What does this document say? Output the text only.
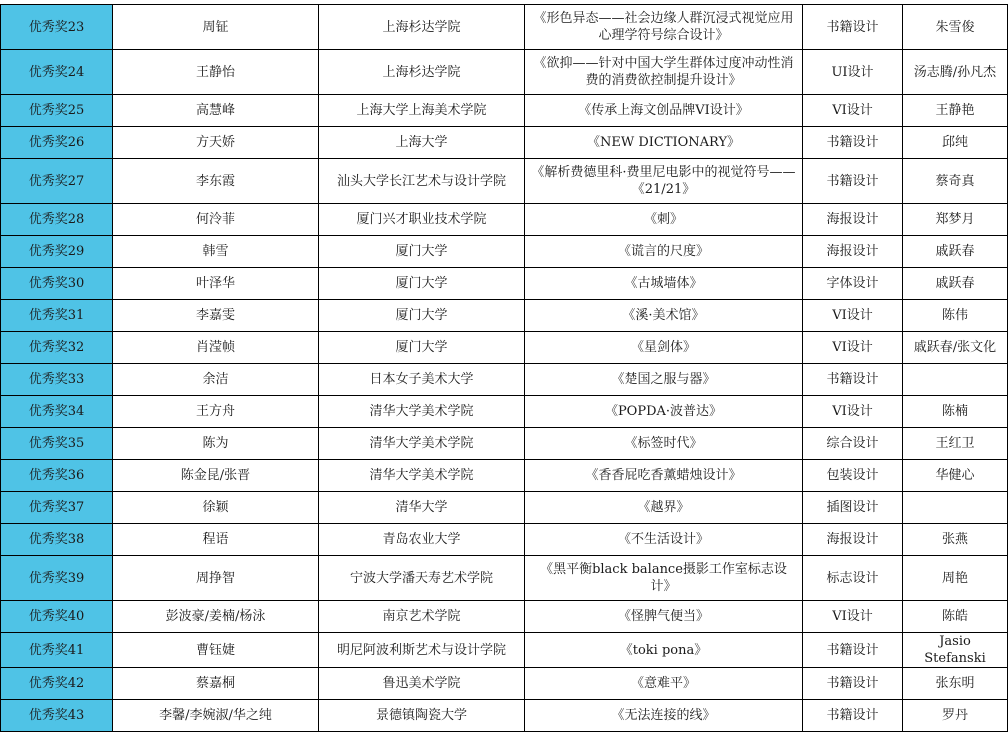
优秀奖23	周钲	上海杉达学院	《形色异态——社会边缘人群沉浸式视觉应用心理学符号综合设计》	书籍设计	朱雪俊
优秀奖24	王静怡	上海杉达学院	《欲抑——针对中国大学生群体过度冲动性消费的消费欲控制提升设计》	UI设计	汤志腾/孙凡杰
优秀奖25	高慧峰	上海大学上海美术学院	《传承上海文创品牌VI设计》	VI设计	王静艳
优秀奖26	方天娇	上海大学	《NEW DICTIONARY》	书籍设计	邱纯
优秀奖27	李东霞	汕头大学长江艺术与设计学院	《解析费德里科·费里尼电影中的视觉符号——《21/21》	书籍设计	蔡奇真
优秀奖28	何泠菲	厦门兴才职业技术学院	《刺》	海报设计	郑梦月
优秀奖29	韩雪	厦门大学	《谎言的尺度》	海报设计	戚跃春
优秀奖30	叶泽华	厦门大学	《古城墙体》	字体设计	戚跃春
优秀奖31	李嘉雯	厦门大学	《溪·美术馆》	VI设计	陈伟
优秀奖32	肖滢帧	厦门大学	《星剑体》	VI设计	戚跃春/张文化
优秀奖33	余洁	日本女子美术大学	《楚国之服与器》	书籍设计	
优秀奖34	王方舟	清华大学美术学院	《POPDA·波普达》	VI设计	陈楠
优秀奖35	陈为	清华大学美术学院	《标签时代》	综合设计	王红卫
优秀奖36	陈金昆/张晋	清华大学美术学院	《香香屁吃香薰蜡烛设计》	包装设计	华健心
优秀奖37	徐颖	清华大学	《越界》	插图设计	
优秀奖38	程语	青岛农业大学	《不生活设计》	海报设计	张燕
优秀奖39	周挣智	宁波大学潘天寿艺术学院	《黑平衡black balance摄影工作室标志设计》	标志设计	周艳
优秀奖40	彭波豪/姜楠/杨泳	南京艺术学院	《怪脾气便当》	VI设计	陈皓
优秀奖41	曹钰婕	明尼阿波利斯艺术与设计学院	《toki pona》	书籍设计	Jasio Stefanski
优秀奖42	蔡嘉桐	鲁迅美术学院	《意难平》	书籍设计	张东明
优秀奖43	李馨/李婉淑/华之纯	景德镇陶瓷大学	《无法连接的线》	书籍设计	罗丹
